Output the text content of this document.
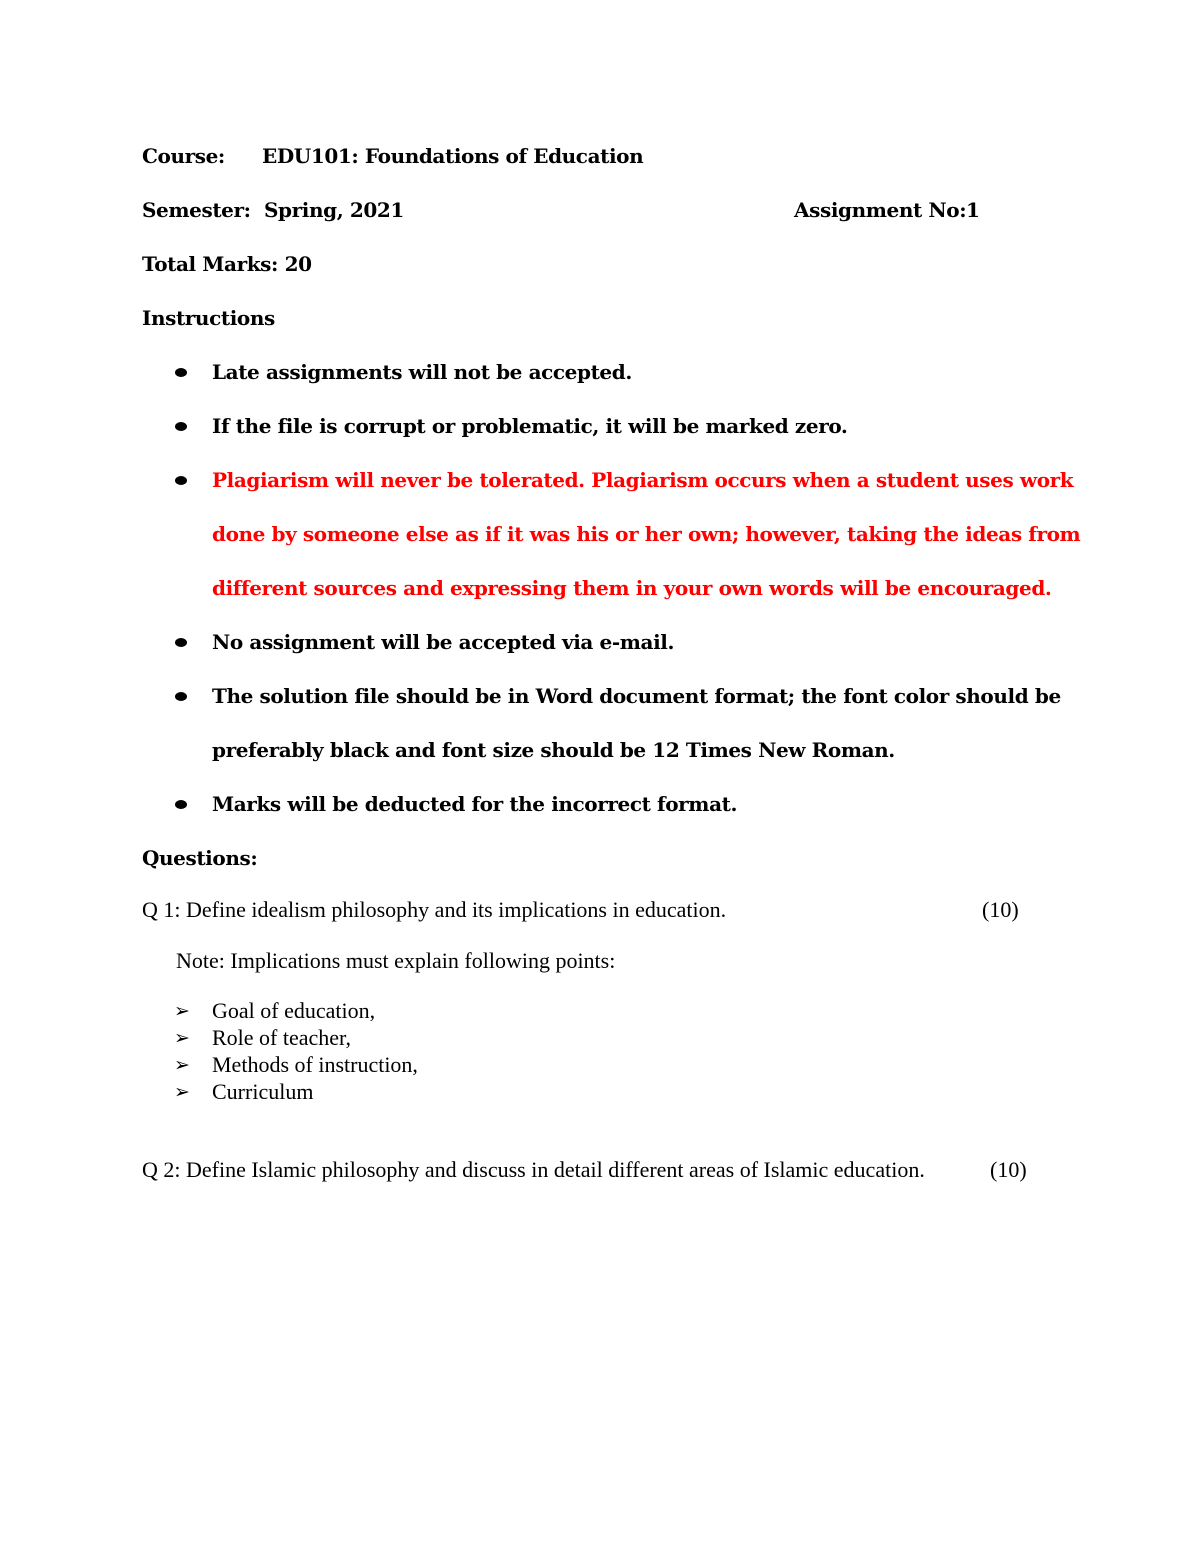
Course: EDU101: Foundations of Education
Semester: Spring, 2021	Assignment No: 1
Total Marks: 20
Instructions
Late assignments will not be accepted.
If the file is corrupt or problematic, it will be marked zero.
Plagiarism will never be tolerated. Plagiarism occurs when a student uses work
done by someone else as if it was his or her own; however, taking the ideas from
different sources and expressing them in your own words will be encouraged.
No assignment will be accepted via e-mail.
The solution file should be in Word document format; the font color should be
preferably black and font size should be 12 Times New Roman.
Marks will be deducted for the incorrect format.
Questions:
Q 1: Define idealism philosophy and its implications in education.	(10)
Note: Implications must explain following points:
➢ Goal of education,
➢ Role of teacher,
➢ Methods of instruction,
➢ Curriculum
Q 2: Define Islamic philosophy and discuss in detail different areas of Islamic education.	(10)
